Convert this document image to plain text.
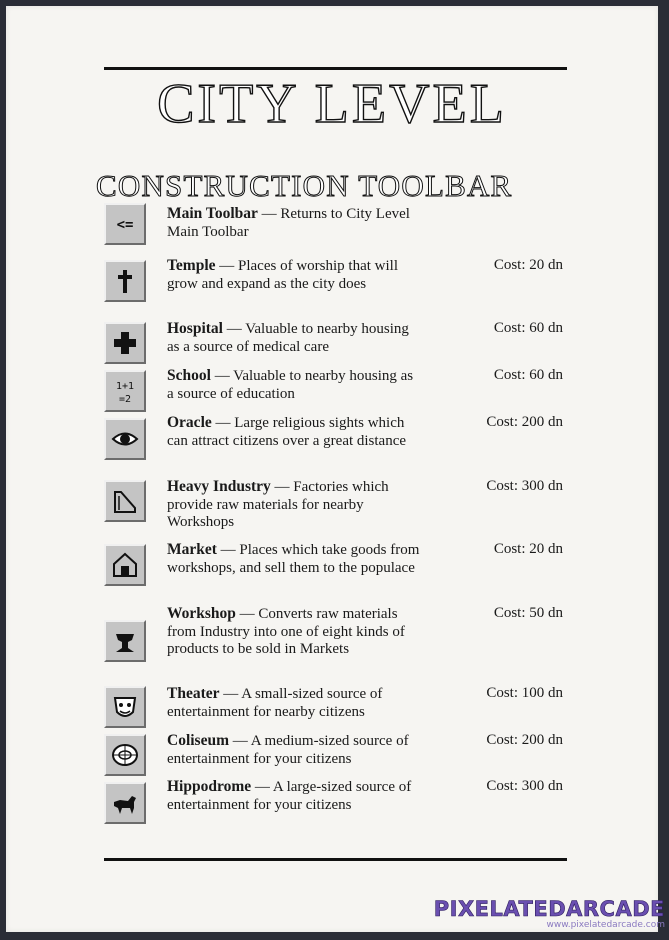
CITY LEVEL
CONSTRUCTION TOOLBAR
<=
Main Toolbar — Returns to City Level Main Toolbar
Temple — Places of worship that will grow and expand as the city does
Cost: 20 dn
Hospital — Valuable to nearby housing as a source of medical care
Cost: 60 dn
1+1
=2
School — Valuable to nearby housing as a source of education
Cost: 60 dn
Oracle — Large religious sights which can attract citizens over a great distance
Cost: 200 dn
Heavy Industry — Factories which provide raw materials for nearby Workshops
Cost: 300 dn
Market — Places which take goods from workshops, and sell them to the populace
Cost: 20 dn
Workshop — Converts raw materials from Industry into one of eight kinds of products to be sold in Markets
Cost: 50 dn
Theater — A small-sized source of entertainment for nearby citizens
Cost: 100 dn
Coliseum — A medium-sized source of entertainment for your citizens
Cost: 200 dn
Hippodrome — A large-sized source of entertainment for your citizens
Cost: 300 dn
PIXELATEDARCADE
www.pixelatedarcade.com
